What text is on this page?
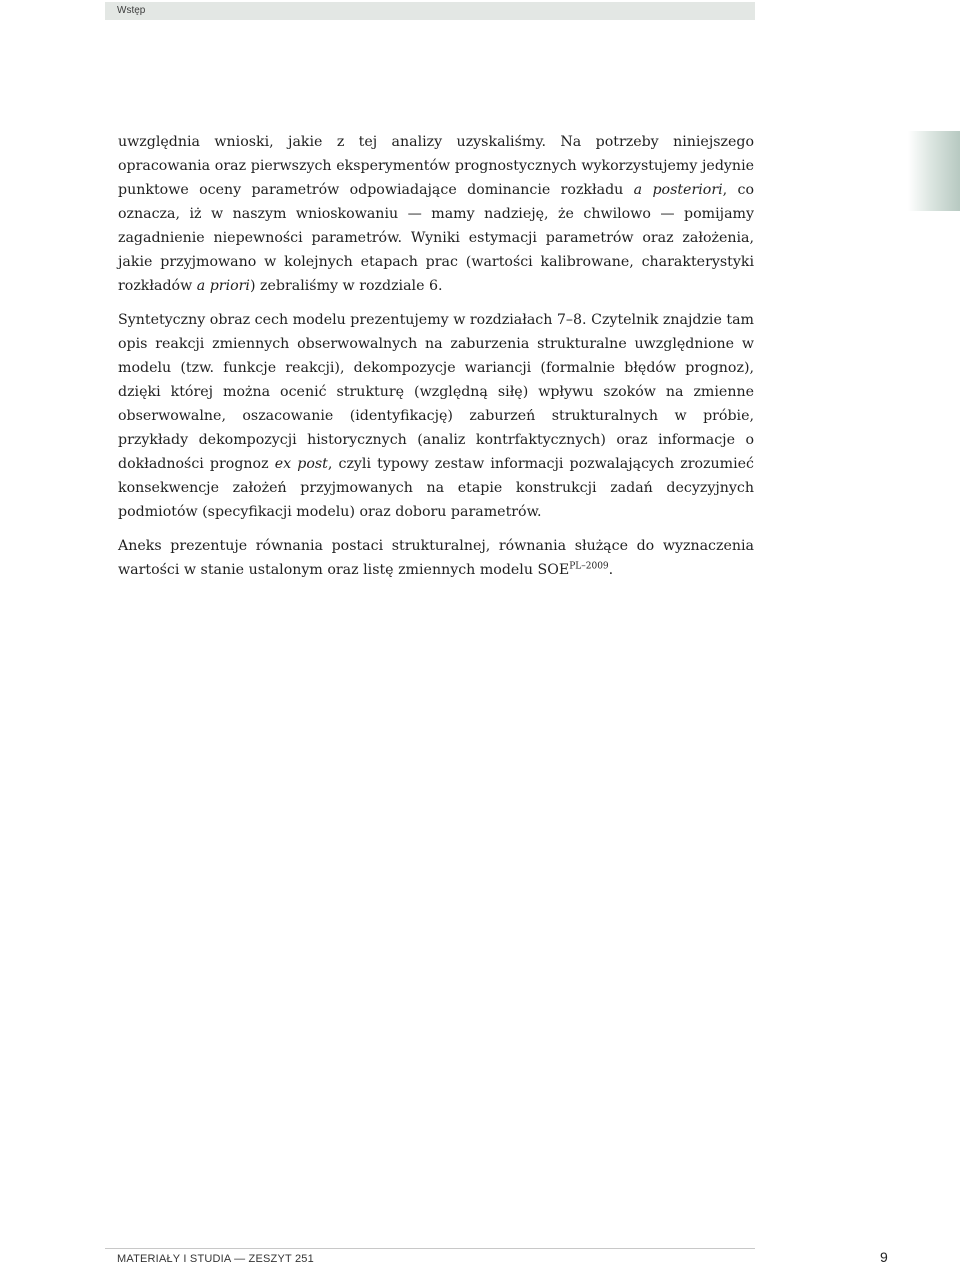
Wstęp

uwzględnia wnioski, jakie z tej analizy uzyskaliśmy. Na potrzeby niniejszego opracowania oraz pierwszych eksperymentów prognostycznych wykorzystujemy jedynie punktowe oceny parametrów odpowiadające dominancie rozkładu a posteriori, co oznacza, iż w naszym wnioskowaniu — mamy nadzieję, że chwilowo — pomijamy zagadnienie niepewności parametrów. Wyniki estymacji parametrów oraz założenia, jakie przyjmowano w kolejnych etapach prac (wartości kalibrowane, charakterystyki rozkładów a priori) zebraliśmy w rozdziale 6.

Syntetyczny obraz cech modelu prezentujemy w rozdziałach 7–8. Czytelnik znajdzie tam opis reakcji zmiennych obserwowalnych na zaburzenia strukturalne uwzględnione w modelu (tzw. funkcje reakcji), dekompozycje wariancji (formalnie błędów prognoz), dzięki której można ocenić strukturę (względną siłę) wpływu szoków na zmienne obserwowalne, oszacowanie (identyfikację) zaburzeń strukturalnych w próbie, przykłady dekompozycji historycznych (analiz kontrfaktycznych) oraz informacje o dokładności prognoz ex post, czyli typowy zestaw informacji pozwalających zrozumieć konsekwencje założeń przyjmowanych na etapie konstrukcji zadań decyzyjnych podmiotów (specyfikacji modelu) oraz doboru parametrów.

Aneks prezentuje równania postaci strukturalnej, równania służące do wyznaczenia wartości w stanie ustalonym oraz listę zmiennych modelu $SOE^{PL-2009}$.

MATERIAŁY I STUDIA — ZESZYT 251	9
